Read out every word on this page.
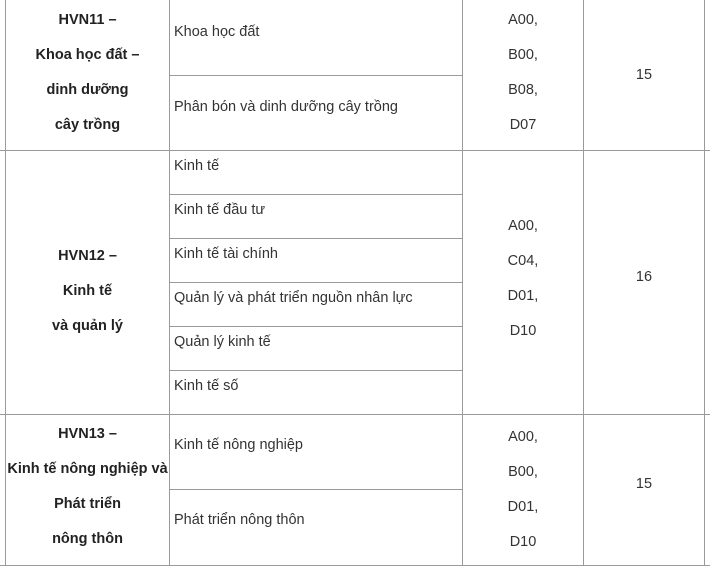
HVN11 –
Khoa học đất –
dinh dưỡng
cây trồng
Khoa học đất
Phân bón và dinh dưỡng cây trồng
A00,
B00,
B08,
D07
15
HVN12 –
Kinh tế
và quản lý
Kinh tế
Kinh tế đầu tư
Kinh tế tài chính
Quản lý và phát triển nguồn nhân lực
Quản lý kinh tế
Kinh tế số
A00,
C04,
D01,
D10
16
HVN13 –
Kinh tế nông nghiệp và
Phát triển
nông thôn
Kinh tế nông nghiệp
Phát triển nông thôn
A00,
B00,
D01,
D10
15
